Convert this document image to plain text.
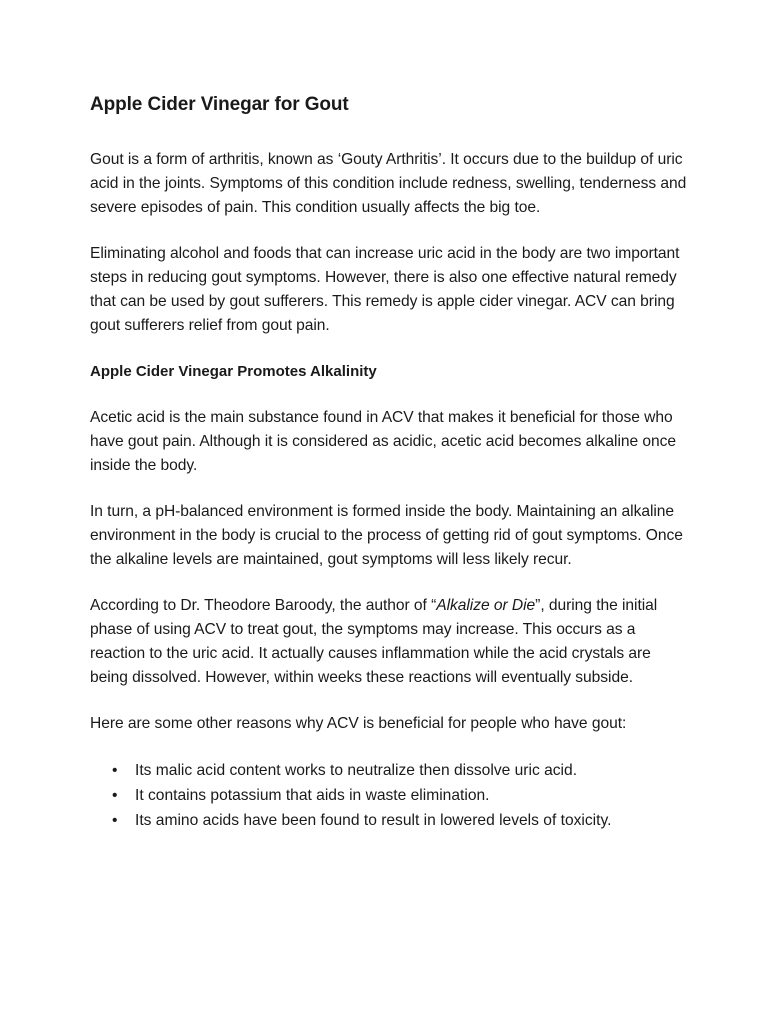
Apple Cider Vinegar for Gout

Gout is a form of arthritis, known as ‘Gouty Arthritis’. It occurs due to the buildup of uric acid in the joints. Symptoms of this condition include redness, swelling, tenderness and severe episodes of pain. This condition usually affects the big toe.

Eliminating alcohol and foods that can increase uric acid in the body are two important steps in reducing gout symptoms. However, there is also one effective natural remedy that can be used by gout sufferers. This remedy is apple cider vinegar. ACV can bring gout sufferers relief from gout pain.

Apple Cider Vinegar Promotes Alkalinity

Acetic acid is the main substance found in ACV that makes it beneficial for those who have gout pain. Although it is considered as acidic, acetic acid becomes alkaline once inside the body.

In turn, a pH-balanced environment is formed inside the body. Maintaining an alkaline environment in the body is crucial to the process of getting rid of gout symptoms. Once the alkaline levels are maintained, gout symptoms will less likely recur.

According to Dr. Theodore Baroody, the author of “Alkalize or Die”, during the initial phase of using ACV to treat gout, the symptoms may increase. This occurs as a reaction to the uric acid. It actually causes inflammation while the acid crystals are being dissolved. However, within weeks these reactions will eventually subside.

Here are some other reasons why ACV is beneficial for people who have gout:

• Its malic acid content works to neutralize then dissolve uric acid.
• It contains potassium that aids in waste elimination.
• Its amino acids have been found to result in lowered levels of toxicity.
